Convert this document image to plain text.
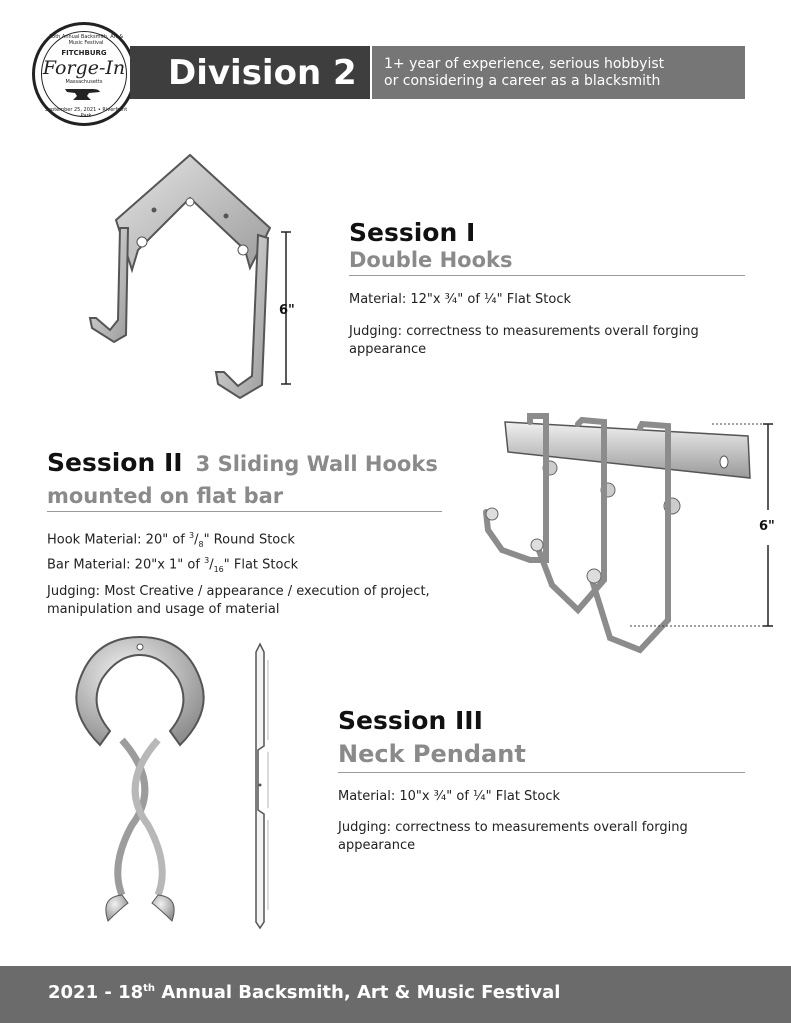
18th Annual Backsmith, Art & Music Festival
FITCHBURG
Forge-In
Massachusetts
September 25, 2021 • Riverfront Park
Division 2 1+ year of experience, serious hobbyist
or considering a career as a blacksmith
6"
Session I
Double Hooks
Material: 12"x ¾" of ¼" Flat Stock
Judging: correctness to measurements overall forging appearance
Session II 3 Sliding Wall Hooks
mounted on flat bar
Hook Material: 20" of $^3/_8$" Round Stock
Bar Material: 20"x 1" of $^3/_{16}$" Flat Stock
Judging: Most Creative / appearance / execution of project, manipulation and usage of material
6"
Session III
Neck Pendant
Material: 10"x ¾" of ¼" Flat Stock
Judging: correctness to measurements overall forging appearance
2021 - 18th Annual Backsmith, Art & Music Festival
